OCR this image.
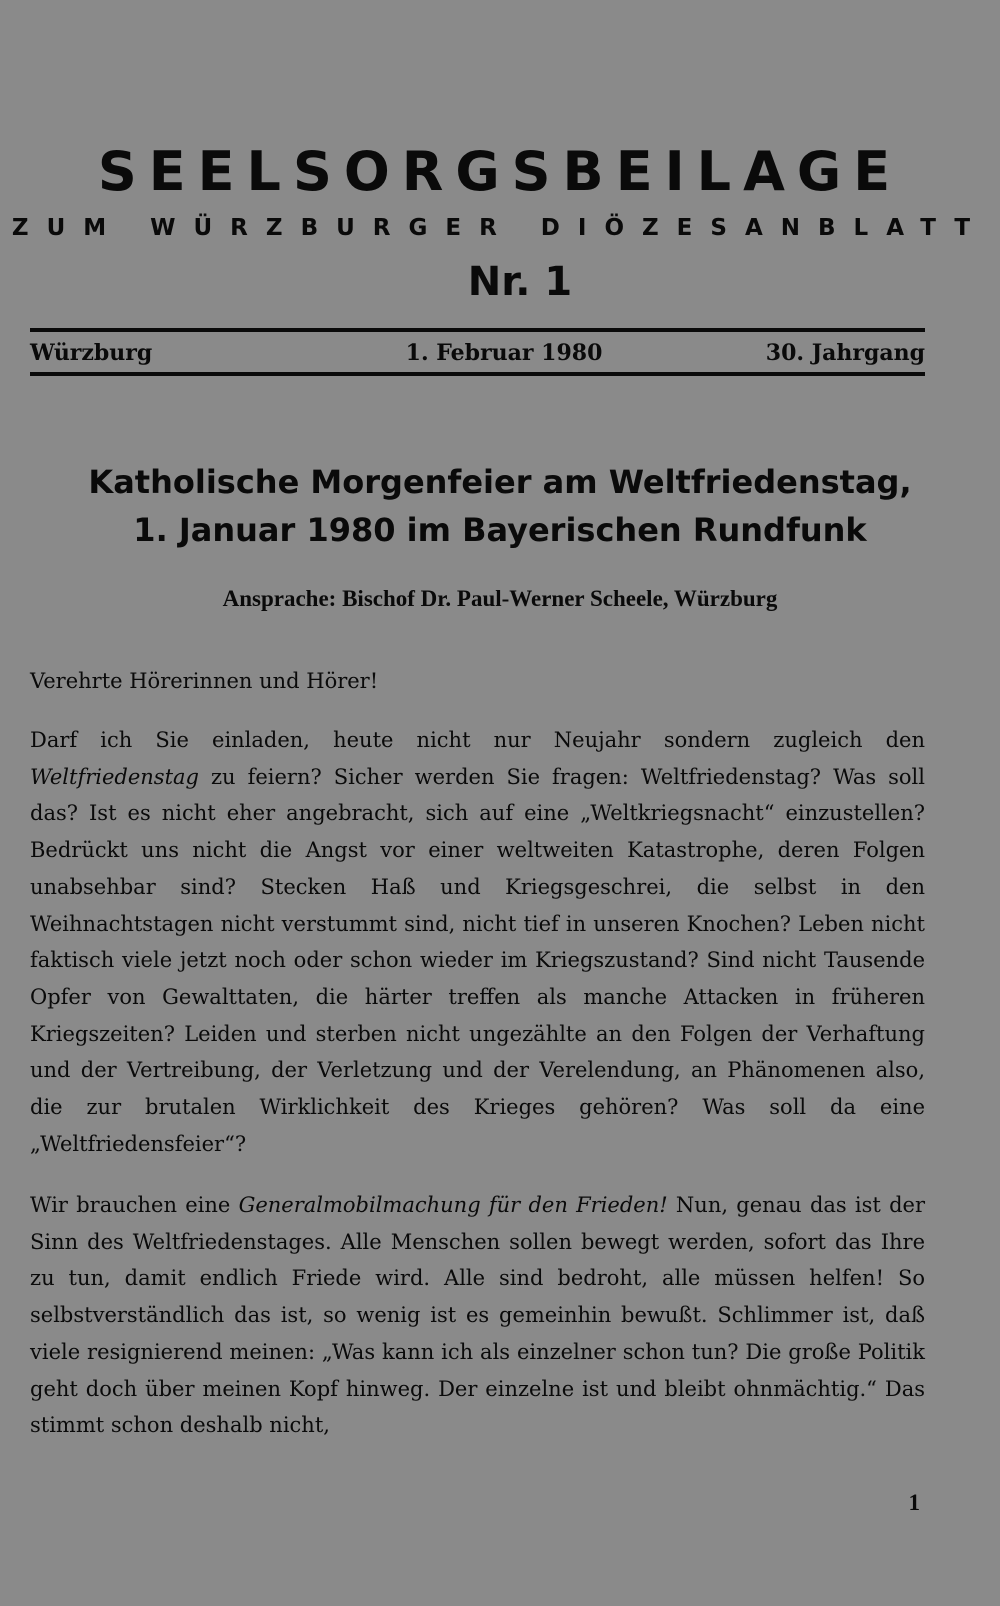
SEELSORGSBEILAGE
ZUM WÜRZBURGER DIÖZESANBLATT
Nr. 1
Würzburg	1. Februar 1980	30. Jahrgang
Katholische Morgenfeier am Weltfriedenstag,
1. Januar 1980 im Bayerischen Rundfunk
Ansprache: Bischof Dr. Paul-Werner Scheele, Würzburg

Verehrte Hörerinnen und Hörer!

Darf ich Sie einladen, heute nicht nur Neujahr sondern zugleich den Weltfriedenstag zu feiern? Sicher werden Sie fragen: Weltfriedenstag? Was soll das? Ist es nicht eher angebracht, sich auf eine „Weltkriegsnacht“ einzustellen? Bedrückt uns nicht die Angst vor einer weltweiten Katastrophe, deren Folgen unabsehbar sind? Stecken Haß und Kriegsgeschrei, die selbst in den Weihnachtstagen nicht verstummt sind, nicht tief in unseren Knochen? Leben nicht faktisch viele jetzt noch oder schon wieder im Kriegszustand? Sind nicht Tausende Opfer von Gewalttaten, die härter treffen als manche Attacken in früheren Kriegszeiten? Leiden und sterben nicht ungezählte an den Folgen der Verhaftung und der Vertreibung, der Verletzung und der Verelendung, an Phänomenen also, die zur brutalen Wirklichkeit des Krieges gehören? Was soll da eine „Weltfriedensfeier“?

Wir brauchen eine Generalmobilmachung für den Frieden! Nun, genau das ist der Sinn des Weltfriedenstages. Alle Menschen sollen bewegt werden, sofort das Ihre zu tun, damit endlich Friede wird. Alle sind bedroht, alle müssen helfen! So selbstverständlich das ist, so wenig ist es gemeinhin bewußt. Schlimmer ist, daß viele resignierend meinen: „Was kann ich als einzelner schon tun? Die große Politik geht doch über meinen Kopf hinweg. Der einzelne ist und bleibt ohnmächtig.“ Das stimmt schon deshalb nicht,

1
